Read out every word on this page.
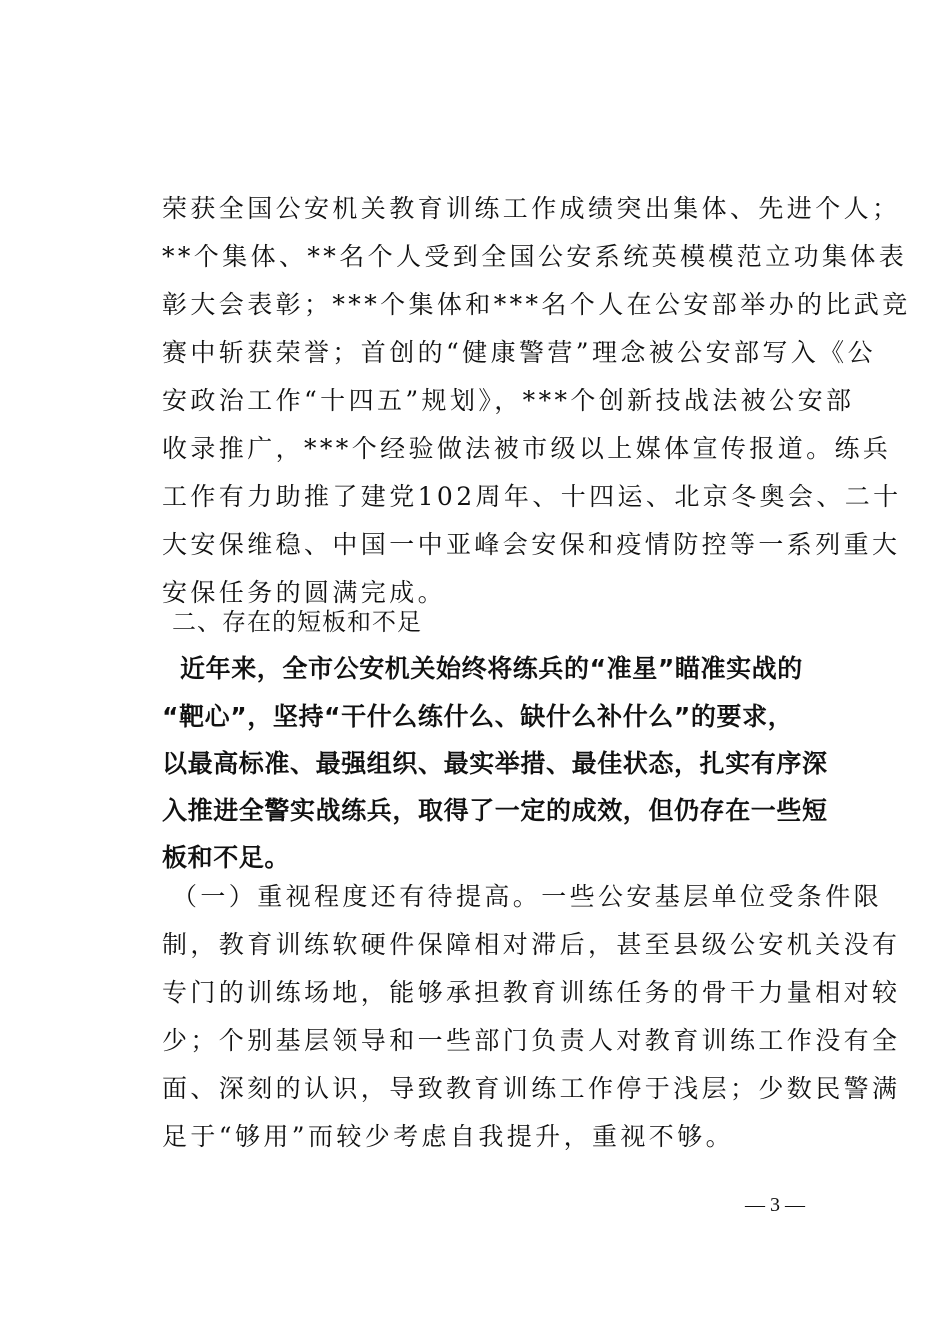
荣获全国公安机关教育训练工作成绩突出集体、先进个人；
**个集体、**名个人受到全国公安系统英模模范立功集体表
彰大会表彰；***个集体和***名个人在公安部举办的比武竞
赛中斩获荣誉；首创的“健康警营”理念被公安部写入《公
安政治工作“十四五”规划》，***个创新技战法被公安部
收录推广，***个经验做法被市级以上媒体宣传报道。练兵
工作有力助推了建党102周年、十四运、北京冬奥会、二十
大安保维稳、中国一中亚峰会安保和疫情防控等一系列重大
安保任务的圆满完成。
二、存在的短板和不足
近年来，全市公安机关始终将练兵的“准星”瞄准实战的
“靶心”，坚持“干什么练什么、缺什么补什么”的要求，
以最高标准、最强组织、最实举措、最佳状态，扎实有序深
入推进全警实战练兵，取得了一定的成效，但仍存在一些短
板和不足。
（一）重视程度还有待提高。一些公安基层单位受条件限
制，教育训练软硬件保障相对滞后，甚至县级公安机关没有
专门的训练场地，能够承担教育训练任务的骨干力量相对较
少；个别基层领导和一些部门负责人对教育训练工作没有全
面、深刻的认识，导致教育训练工作停于浅层；少数民警满
足于“够用”而较少考虑自我提升，重视不够。
— 3 —
